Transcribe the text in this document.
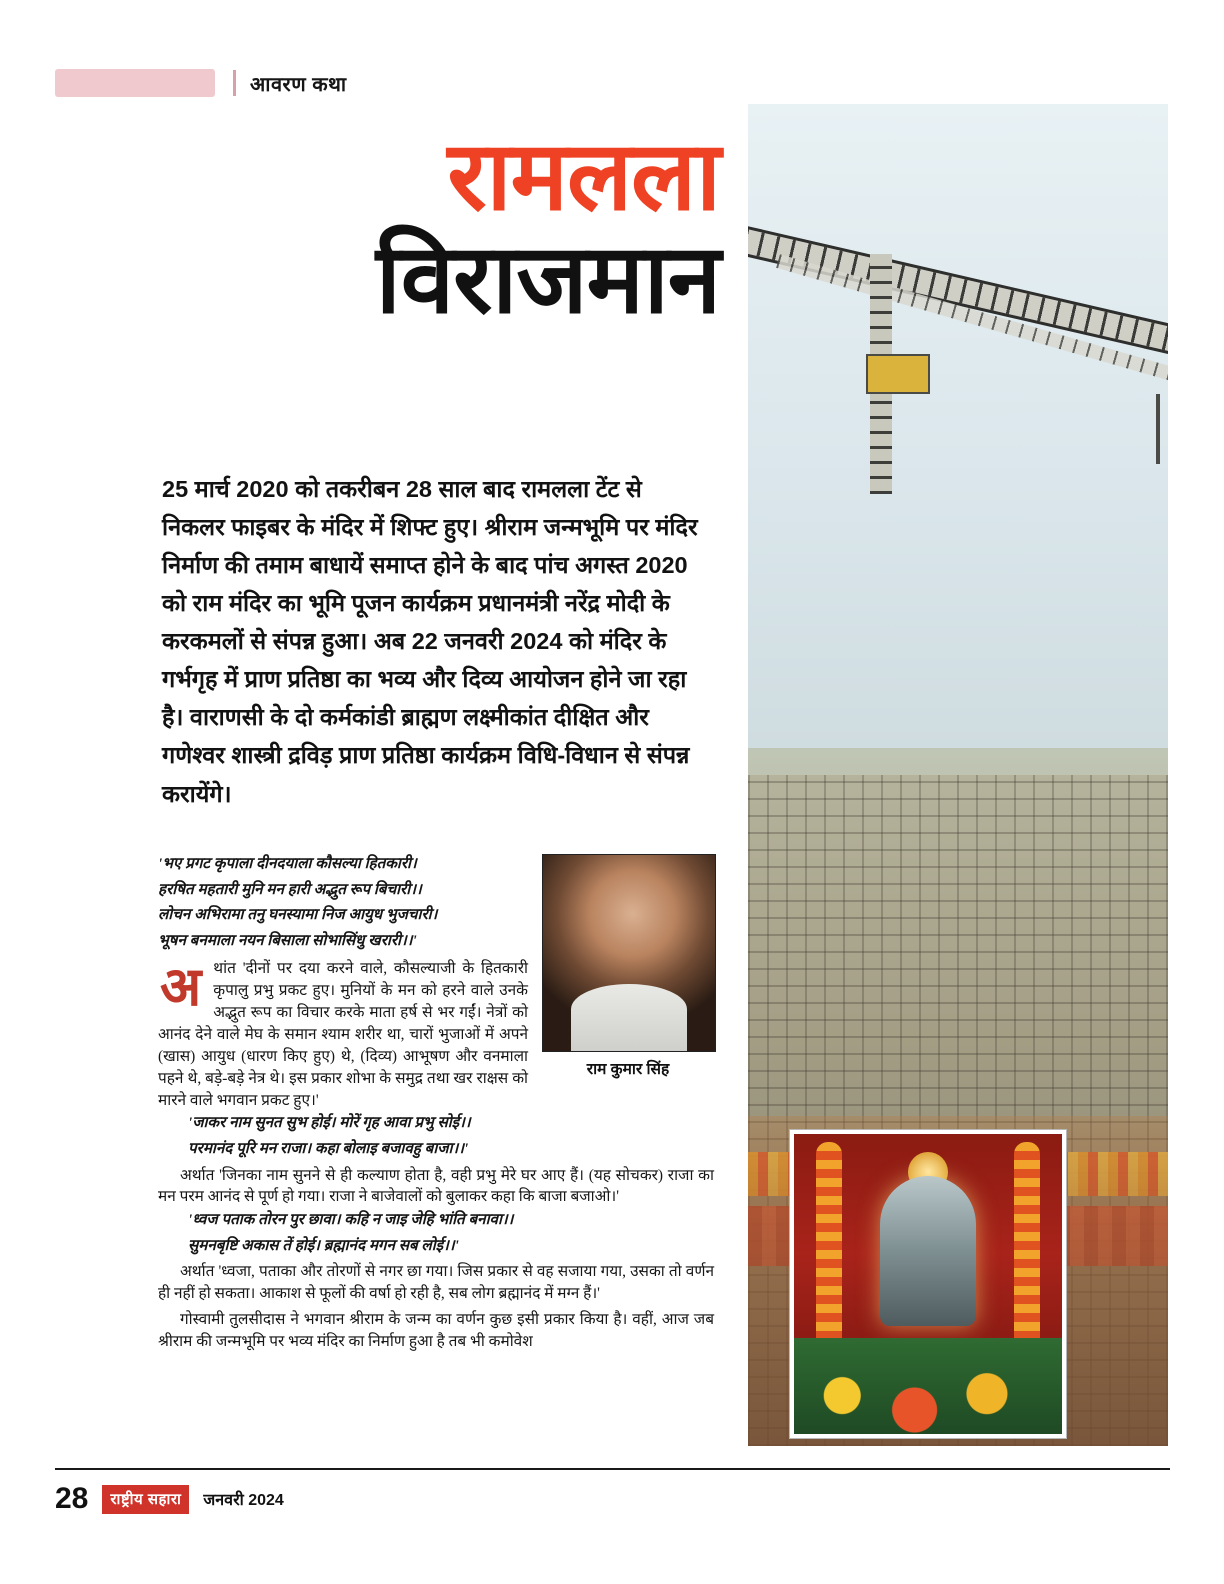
आवरण कथा
रामलला
विराजमान
25 मार्च 2020 को तकरीबन 28 साल बाद रामलला टेंट से निकलर फाइबर के मंदिर में शिफ्ट हुए। श्रीराम जन्मभूमि पर मंदिर निर्माण की तमाम बाधायें समाप्त होने के बाद पांच अगस्त 2020 को राम मंदिर का भूमि पूजन कार्यक्रम प्रधानमंत्री नरेंद्र मोदी के करकमलों से संपन्न हुआ। अब 22 जनवरी 2024 को मंदिर के गर्भगृह में प्राण प्रतिष्ठा का भव्य और दिव्य आयोजन होने जा रहा है। वाराणसी के दो कर्मकांडी ब्राह्मण लक्ष्मीकांत दीक्षित और गणेश्वर शास्त्री द्रविड़ प्राण प्रतिष्ठा कार्यक्रम विधि-विधान से संपन्न करायेंगे।
राम कुमार सिंह
'भए प्रगट कृपाला दीनदयाला कौसल्या हितकारी।
हरषित महतारी मुनि मन हारी अद्भुत रूप बिचारी।।
लोचन अभिरामा तनु घनस्यामा निज आयुध भुजचारी।
भूषन बनमाला नयन बिसाला सोभासिंधु खरारी।।'

अ थांत 'दीनों पर दया करने वाले, कौसल्याजी के हितकारी कृपालु प्रभु प्रकट हुए। मुनियों के मन को हरने वाले उनके अद्भुत रूप का विचार करके माता हर्ष से भर गईं। नेत्रों को आनंद देने वाले मेघ के समान श्याम शरीर था, चारों भुजाओं में अपने (खास) आयुध (धारण किए हुए) थे, (दिव्य) आभूषण और वनमाला पहने थे, बड़े-बड़े नेत्र थे। इस प्रकार शोभा के समुद्र तथा खर राक्षस को मारने वाले भगवान प्रकट हुए।'

'जाकर नाम सुनत सुभ होई। मोरें गृह आवा प्रभु सोई।।
परमानंद पूरि मन राजा। कहा बोलाइ बजावहु बाजा।।'

अर्थात 'जिनका नाम सुनने से ही कल्याण होता है, वही प्रभु मेरे घर आए हैं। (यह सोचकर) राजा का मन परम आनंद से पूर्ण हो गया। राजा ने बाजेवालों को बुलाकर कहा कि बाजा बजाओ।'

'ध्वज पताक तोरन पुर छावा। कहि न जाइ जेहि भांति बनावा।।
सुमनबृष्टि अकास तें होई। ब्रह्मानंद मगन सब लोई।।'

अर्थात 'ध्वजा, पताका और तोरणों से नगर छा गया। जिस प्रकार से वह सजाया गया, उसका तो वर्णन ही नहीं हो सकता। आकाश से फूलों की वर्षा हो रही है, सब लोग ब्रह्मानंद में मग्न हैं।'

गोस्वामी तुलसीदास ने भगवान श्रीराम के जन्म का वर्णन कुछ इसी प्रकार किया है। वहीं, आज जब श्रीराम की जन्मभूमि पर भव्य मंदिर का निर्माण हुआ है तब भी कमोवेश

28	राष्ट्रीय सहारा	जनवरी 2024
